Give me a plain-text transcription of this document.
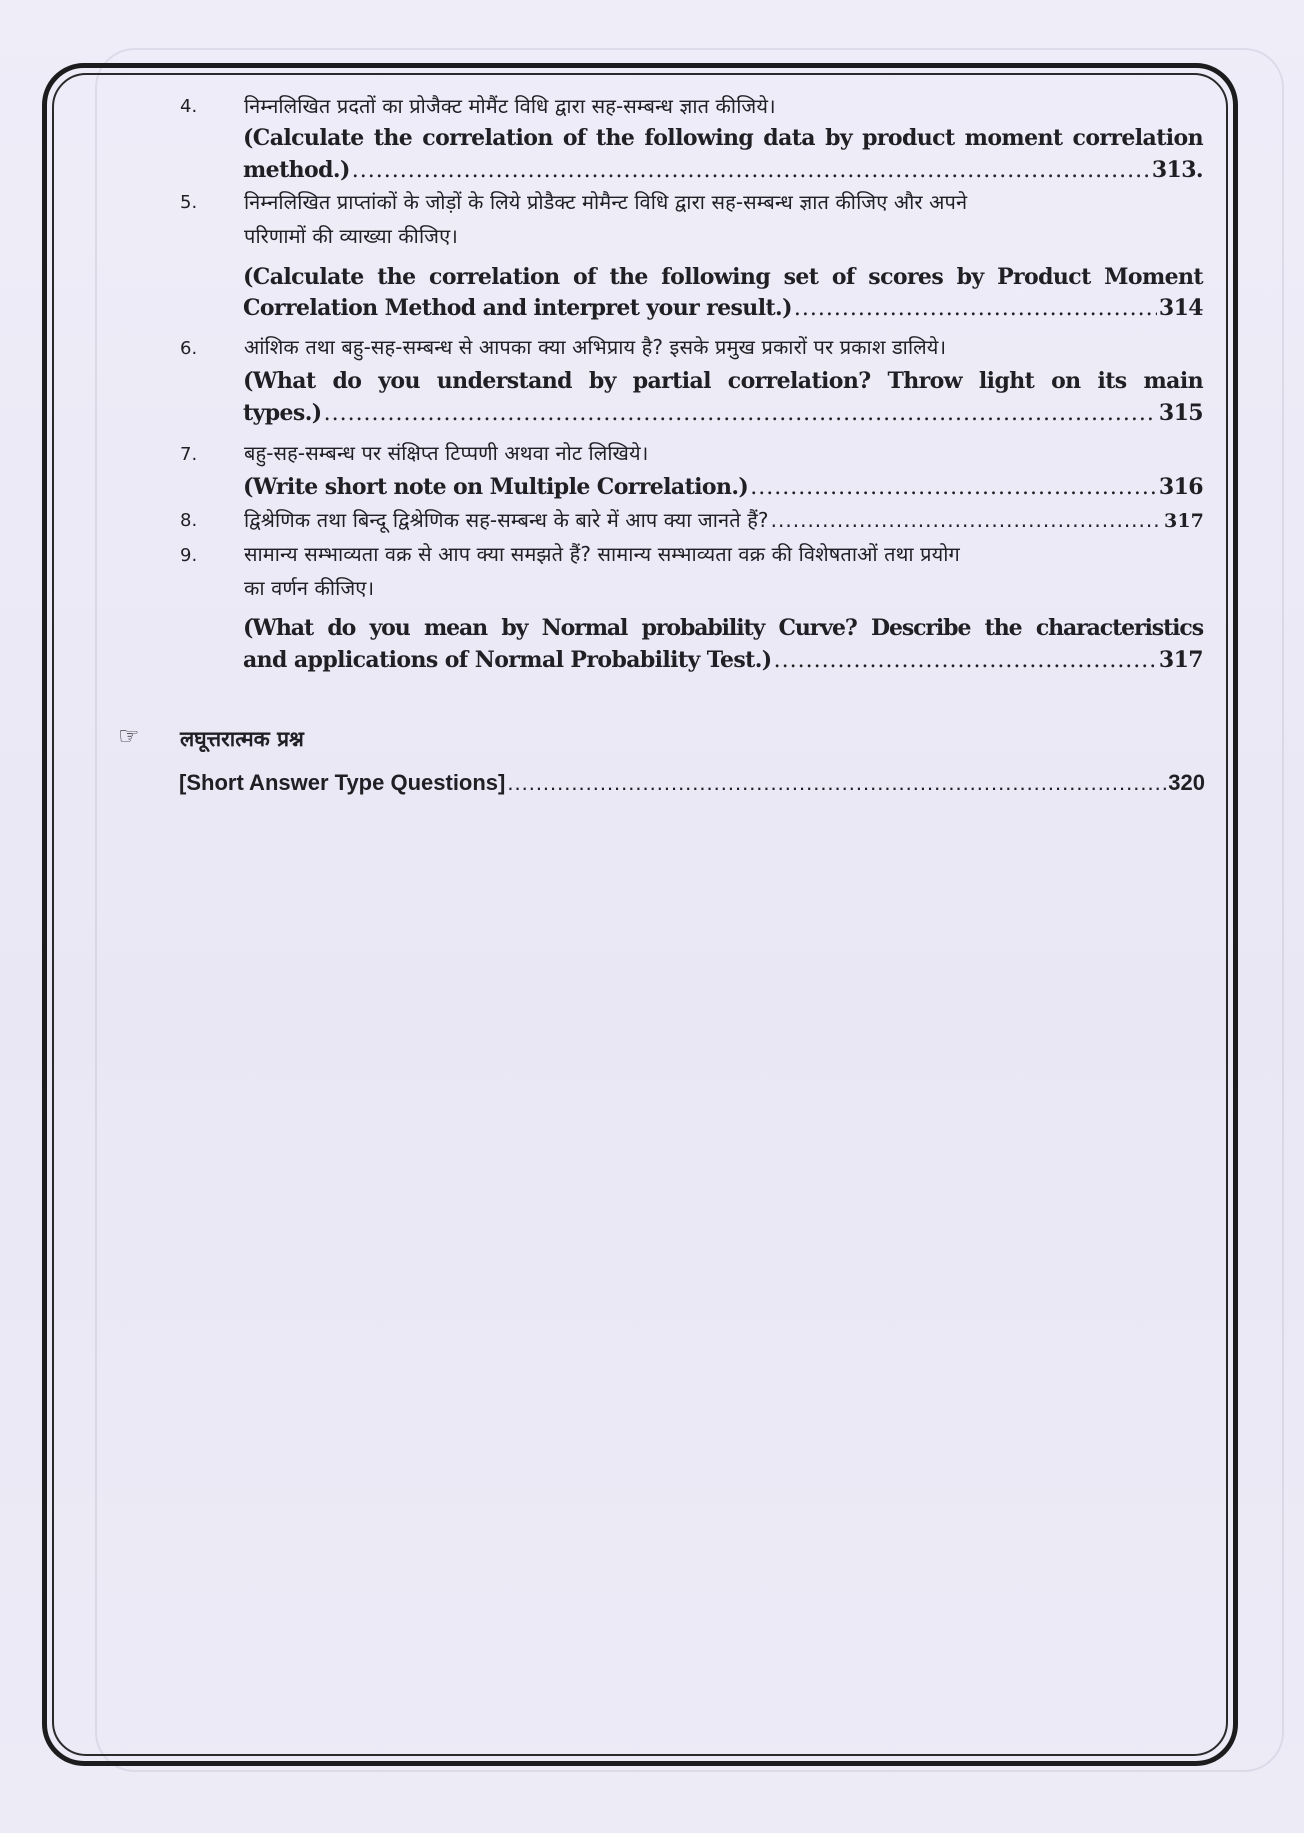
4. निम्नलिखित प्रदतों का प्रोजैक्ट मोमैंट विधि द्वारा सह-सम्बन्ध ज्ञात कीजिये।
(Calculate the correlation of the following data by product moment correlation
method.) .....	313.
5. निम्नलिखित प्राप्तांकों के जोड़ों के लिये प्रोडैक्ट मोमैन्ट विधि द्वारा सह-सम्बन्ध ज्ञात कीजिए और अपने
परिणामों की व्याख्या कीजिए।
(Calculate the correlation of the following set of scores by Product Moment
Correlation Method and interpret your result.) .....	314
6. आंशिक तथा बहु-सह-सम्बन्ध से आपका क्या अभिप्राय है? इसके प्रमुख प्रकारों पर प्रकाश डालिये।
(What do you understand by partial correlation? Throw light on its main
types.) .....	315
7. बहु-सह-सम्बन्ध पर संक्षिप्त टिप्पणी अथवा नोट लिखिये।
(Write short note on Multiple Correlation.) .....	316
8. द्विश्रेणिक तथा बिन्दू द्विश्रेणिक सह-सम्बन्ध के बारे में आप क्या जानते हैं? .....	317
9. सामान्य सम्भाव्यता वक्र से आप क्या समझते हैं? सामान्य सम्भाव्यता वक्र की विशेषताओं तथा प्रयोग
का वर्णन कीजिए।
(What do you mean by Normal probability Curve? Describe the characteristics
and applications of Normal Probability Test.) .....	317
☞ लघूत्तरात्मक प्रश्न
[Short Answer Type Questions] .....	320
